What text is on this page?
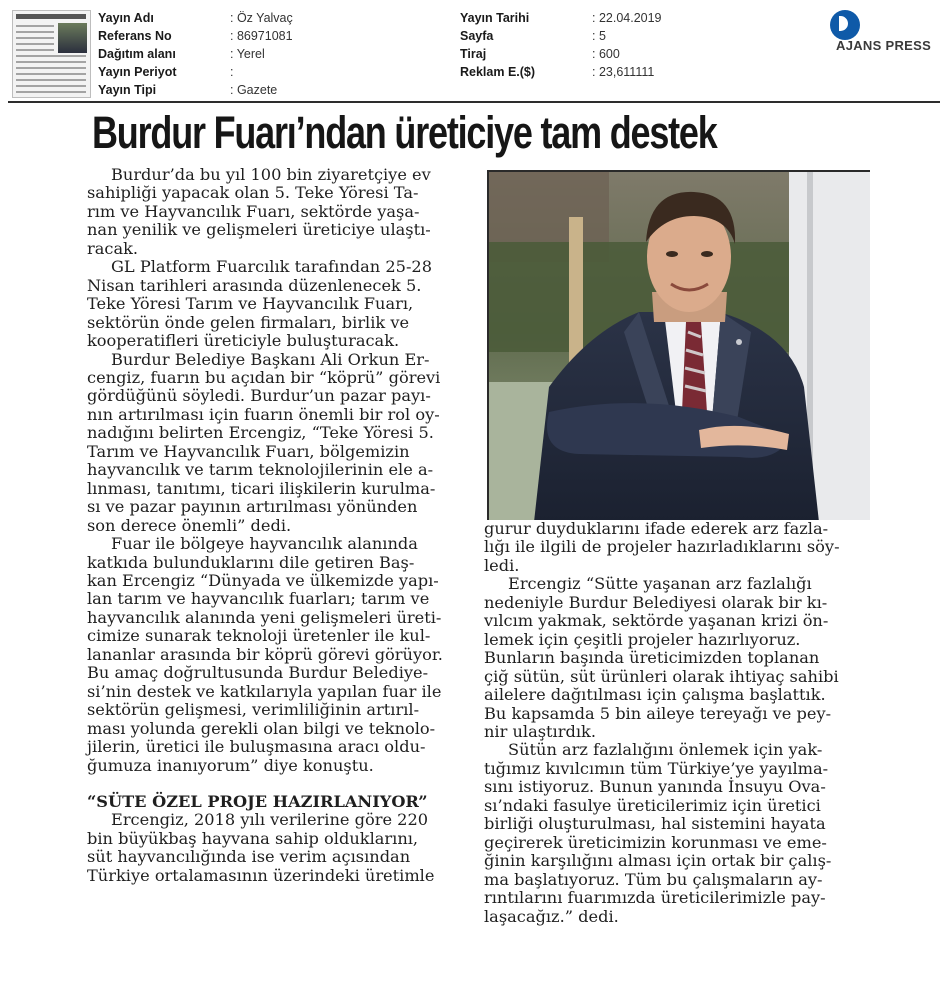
Yayın Adı	: Öz Yalvaç
Referans No	: 86971081
Dağıtım alanı	: Yerel
Yayın Periyot	:
Yayın Tipi	: Gazete
Yayın Tarihi	: 22.04.2019
Sayfa	: 5
Tiraj	: 600
Reklam E.($)	: 23,611111
AJANS PRESS
Burdur Fuarı’ndan üreticiye tam destek

Burdur’da bu yıl 100 bin ziyaretçiye ev

sahipliği yapacak olan 5. Teke Yöresi Ta-

rım ve Hayvancılık Fuarı, sektörde yaşa-

nan yenilik ve gelişmeleri üreticiye ulaştı-

racak.

GL Platform Fuarcılık tarafından 25-28

Nisan tarihleri arasında düzenlenecek 5.

Teke Yöresi Tarım ve Hayvancılık Fuarı,

sektörün önde gelen firmaları, birlik ve

kooperatifleri üreticiyle buluşturacak.

Burdur Belediye Başkanı Ali Orkun Er-

cengiz, fuarın bu açıdan bir “köprü” görevi

gördüğünü söyledi. Burdur’un pazar payı-

nın artırılması için fuarın önemli bir rol oy-

nadığını belirten Ercengiz, “Teke Yöresi 5.

Tarım ve Hayvancılık Fuarı, bölgemizin

hayvancılık ve tarım teknolojilerinin ele a-

lınması, tanıtımı, ticari ilişkilerin kurulma-

sı ve pazar payının artırılması yönünden

son derece önemli” dedi.

Fuar ile bölgeye hayvancılık alanında

katkıda bulunduklarını dile getiren Baş-

kan Ercengiz “Dünyada ve ülkemizde yapı-

lan tarım ve hayvancılık fuarları; tarım ve

hayvancılık alanında yeni gelişmeleri üreti-

cimize sunarak teknoloji üretenler ile kul-

lananlar arasında bir köprü görevi görüyor.

Bu amaç doğrultusunda Burdur Belediye-

si’nin destek ve katkılarıyla yapılan fuar ile

sektörün gelişmesi, verimliliğinin artırıl-

ması yolunda gerekli olan bilgi ve teknolo-

jilerin, üretici ile buluşmasına aracı oldu-

ğumuza inanıyorum” diye konuştu.

“SÜTE ÖZEL PROJE HAZIRLANIYOR”

Ercengiz, 2018 yılı verilerine göre 220

bin büyükbaş hayvana sahip olduklarını,

süt hayvancılığında ise verim açısından

Türkiye ortalamasının üzerindeki üretimle

gurur duyduklarını ifade ederek arz fazla-

lığı ile ilgili de projeler hazırladıklarını söy-

ledi.

Ercengiz “Sütte yaşanan arz fazlalığı

nedeniyle Burdur Belediyesi olarak bir kı-

vılcım yakmak, sektörde yaşanan krizi ön-

lemek için çeşitli projeler hazırlıyoruz.

Bunların başında üreticimizden toplanan

çiğ sütün, süt ürünleri olarak ihtiyaç sahibi

ailelere dağıtılması için çalışma başlattık.

Bu kapsamda 5 bin aileye tereyağı ve pey-

nir ulaştırdık.

Sütün arz fazlalığını önlemek için yak-

tığımız kıvılcımın tüm Türkiye’ye yayılma-

sını istiyoruz. Bunun yanında İnsuyu Ova-

sı’ndaki fasulye üreticilerimiz için üretici

birliği oluşturulması, hal sistemini hayata

geçirerek üreticimizin korunması ve eme-

ğinin karşılığını alması için ortak bir çalış-

ma başlatıyoruz. Tüm bu çalışmaların ay-

rıntılarını fuarımızda üreticilerimizle pay-

laşacağız.” dedi.
